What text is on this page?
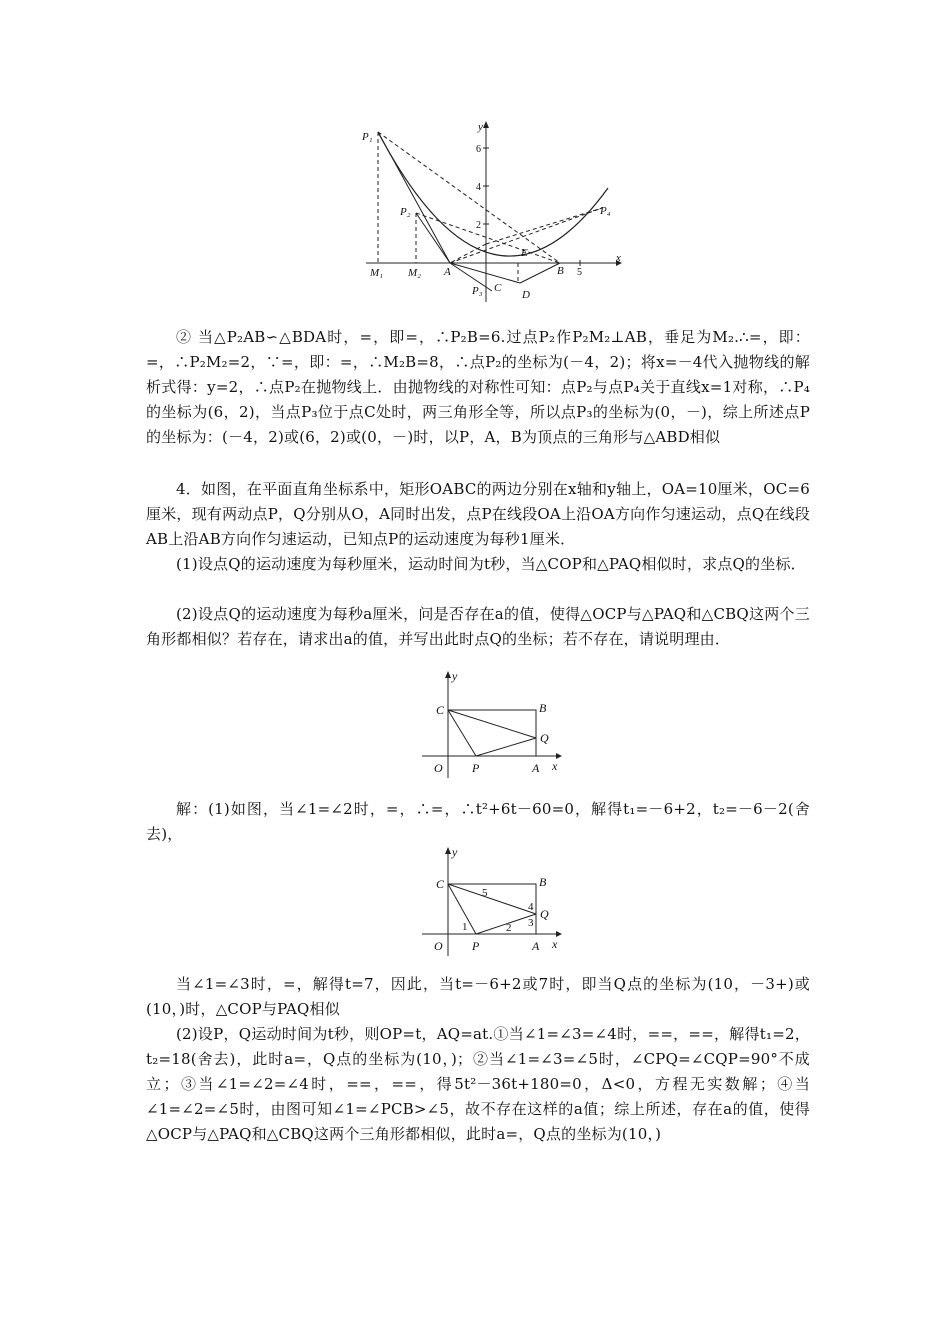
P₁
P₂
P₃
P₄
M₁ M₂ A	B
C
D
E	x
y
6
4
2
5
② 当△P₂AB∽△BDA时，=，即=，∴P₂B=6.过点P₂作P₂M₂⊥AB，垂足为M₂.∴=，即：=，∴P₂M₂=2，∵=，即：=，∴M₂B=8，∴点P₂的坐标为(－4，2)；将x=－4代入抛物线的解析式得：y=2，∴点P₂在抛物线上．由抛物线的对称性可知：点P₂与点P₄关于直线x=1对称，∴P₄的坐标为(6，2)，当点P₃位于点C处时，两三角形全等，所以点P₃的坐标为(0，－)，综上所述点P的坐标为：(－4，2)或(6，2)或(0，－)时，以P，A，B为顶点的三角形与△ABD相似
4．如图，在平面直角坐标系中，矩形OABC的两边分别在x轴和y轴上，OA=10厘米，OC=6厘米，现有两动点P，Q分别从O，A同时出发，点P在线段OA上沿OA方向作匀速运动，点Q在线段AB上沿AB方向作匀速运动，已知点P的运动速度为每秒1厘米．
(1)设点Q的运动速度为每秒厘米，运动时间为t秒，当△COP和△PAQ相似时，求点Q的坐标．
(2)设点Q的运动速度为每秒a厘米，问是否存在a的值，使得△OCP与△PAQ和△CBQ这两个三角形都相似？若存在，请求出a的值，并写出此时点Q的坐标；若不存在，请说明理由．
C	B
Q
O P	A x
y
解：(1)如图，当∠1=∠2时，=，∴=，∴t²+6t－60=0，解得t₁=－6+2，t₂=－6－2(舍去)，
C	B
Q
O P	A x
y
1	2 3
4
5
当∠1=∠3时，=，解得t=7，因此，当t=－6+2或7时，即当Q点的坐标为(10，－3+)或(10，)时，△COP与PAQ相似
(2)设P，Q运动时间为t秒，则OP=t，AQ=at.①当∠1=∠3=∠4时，==，==，解得t₁=2，t₂=18(舍去)，此时a=，Q点的坐标为(10，)；②当∠1=∠3=∠5时，∠CPQ=∠CQP=90°不成立；③当∠1=∠2=∠4时，==，==，得5t²－36t+180=0，Δ<0，方程无实数解；④当∠1=∠2=∠5时，由图可知∠1=∠PCB>∠5，故不存在这样的a值；综上所述，存在a的值，使得△OCP与△PAQ和△CBQ这两个三角形都相似，此时a=，Q点的坐标为(10，)
